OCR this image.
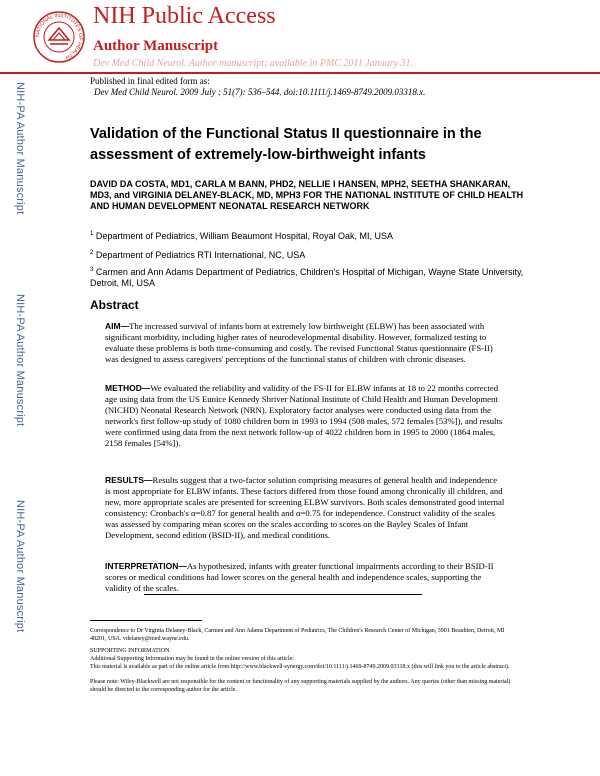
NATIONAL INSTITUTES OF HEALTH
NIH Public Access
Author Manuscript
Dev Med Child Neurol. Author manuscript; available in PMC 2011 January 31.
Published in final edited form as:
Dev Med Child Neurol. 2009 July ; 51(7): 536–544. doi:10.1111/j.1469-8749.2009.03318.x.
NIH-PA Author Manuscript
NIH-PA Author Manuscript
NIH-PA Author Manuscript
Validation of the Functional Status II questionnaire in the assessment of extremely-low-birthweight infants
DAVID DA COSTA, MD1, CARLA M BANN, PHD2, NELLIE I HANSEN, MPH2, SEETHA SHANKARAN, MD3, and VIRGINIA DELANEY-BLACK, MD, MPH3 FOR THE NATIONAL INSTITUTE OF CHILD HEALTH AND HUMAN DEVELOPMENT NEONATAL RESEARCH NETWORK
$^1$ Department of Pediatrics, William Beaumont Hospital, Royal Oak, MI, USA
$^2$ Department of Pediatrics RTI International, NC, USA
$^3$ Carmen and Ann Adams Department of Pediatrics, Children's Hospital of Michigan, Wayne State University, Detroit, MI, USA
Abstract
AIM—The increased survival of infants born at extremely low birthweight (ELBW) has been associated with significant morbidity, including higher rates of neurodevelopmental disability. However, formalized testing to evaluate these problems is both time-consuming and costly. The revised Functional Status questionnaire (FS-II) was designed to assess caregivers' perceptions of the functional status of children with chronic diseases.
METHOD—We evaluated the reliability and validity of the FS-II for ELBW infants at 18 to 22 months corrected age using data from the US Eunice Kennedy Shriver National Institute of Child Health and Human Development (NICHD) Neonatal Research Network (NRN). Exploratory factor analyses were conducted using data from the network's first follow-up study of 1080 children born in 1993 to 1994 (508 males, 572 females [53%]), and results were confirmed using data from the next network follow-up of 4022 children born in 1995 to 2000 (1864 males, 2158 females [54%]).
RESULTS—Results suggest that a two-factor solution comprising measures of general health and independence is most appropriate for ELBW infants. These factors differed from those found among chronically ill children, and new, more appropriate scales are presented for screening ELBW survivors. Both scales demonstrated good internal consistency: Cronbach's α=0.87 for general health and α=0.75 for independence. Construct validity of the scales was assessed by comparing mean scores on the scales according to scores on the Bayley Scales of Infant Development, second edition (BSID-II), and medical conditions.
INTERPRETATION—As hypothesized, infants with greater functional impairments according to their BSID-II scores or medical conditions had lower scores on the general health and independence scales, supporting the validity of the scales.
Correspondence to Dr Virginia Delaney-Black, Carmen and Ann Adams Department of Pediatrics, The Children's Research Center of Michigan, 3901 Beaubien, Detroit, MI 48201, USA. vdelaney@med.wayne.edu.
SUPPORTING INFORMATION
Additional Supporting Information may be found in the online version of this article:
This material is available as part of the online article from http://www.blackwell-synergy.com/doi/10.1111/j.1469-8749.2009.03318.x (this will link you to the article abstract).
Please note: Wiley-Blackwell are not responsible for the content or functionality of any supporting materials supplied by the authors. Any queries (other than missing material) should be directed to the corresponding author for the article.
